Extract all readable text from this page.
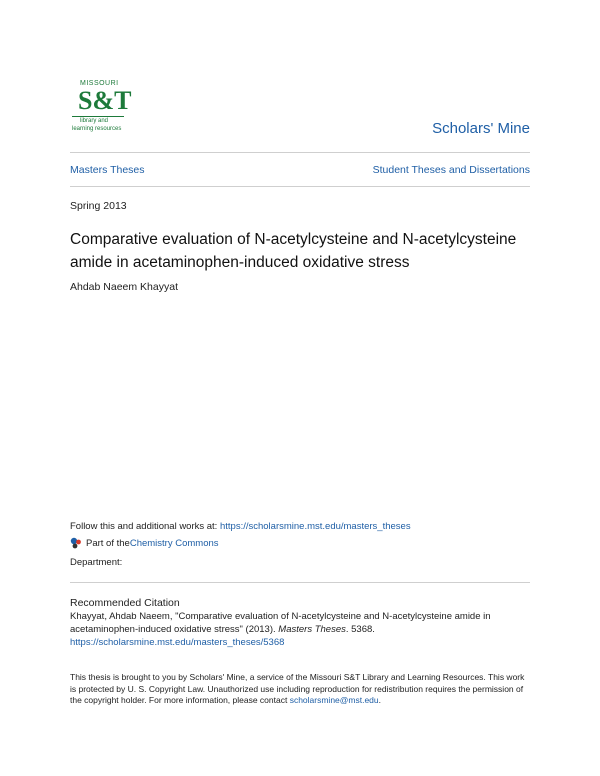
MISSOURI
S&T
library and
learning resources	Scholars' Mine
Masters Theses	Student Theses and Dissertations
Spring 2013
Comparative evaluation of N-acetylcysteine and N-acetylcysteine amide in acetaminophen-induced oxidative stress
Ahdab Naeem Khayyat
Follow this and additional works at: https://scholarsmine.mst.edu/masters_theses
Part of the Chemistry Commons
Department:
Recommended Citation
Khayyat, Ahdab Naeem, "Comparative evaluation of N-acetylcysteine and N-acetylcysteine amide in acetaminophen-induced oxidative stress" (2013). Masters Theses. 5368.
https://scholarsmine.mst.edu/masters_theses/5368
This thesis is brought to you by Scholars' Mine, a service of the Missouri S&T Library and Learning Resources. This work is protected by U. S. Copyright Law. Unauthorized use including reproduction for redistribution requires the permission of the copyright holder. For more information, please contact scholarsmine@mst.edu.
